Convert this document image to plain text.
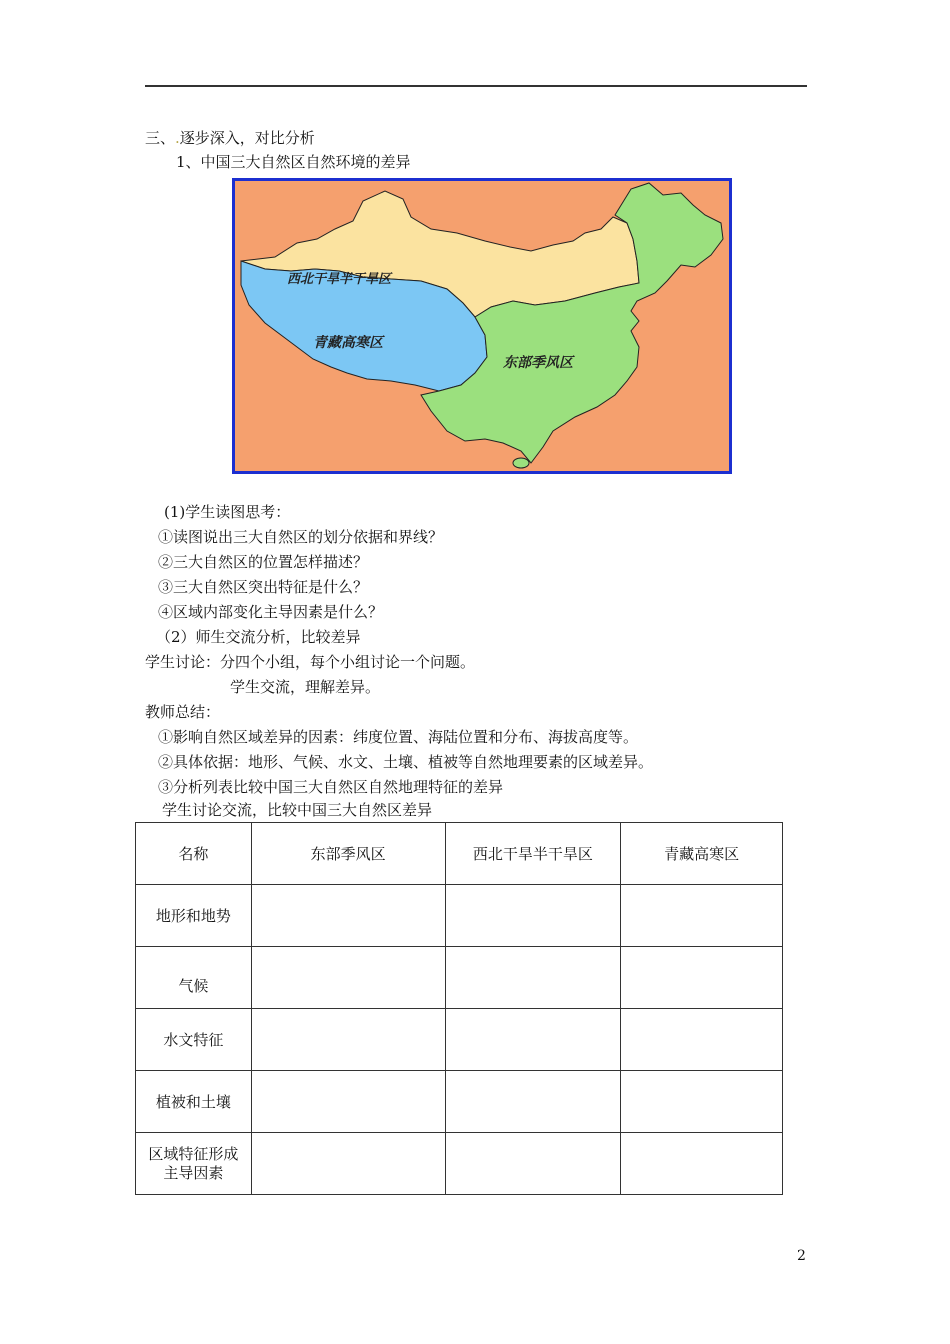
三、.逐步深入，对比分析
1、中国三大自然区自然环境的差异
西北干旱半干旱区
青藏高寒区
东部季风区
(1)学生读图思考：
①读图说出三大自然区的划分依据和界线？
②三大自然区的位置怎样描述？
③三大自然区突出特征是什么？
④区域内部变化主导因素是什么？
（2）师生交流分析，比较差异
学生讨论：分四个小组，每个小组讨论一个问题。
学生交流，理解差异。
教师总结：
①影响自然区域差异的因素：纬度位置、海陆位置和分布、海拔高度等。
②具体依据：地形、气候、水文、土壤、植被等自然地理要素的区域差异。
③分析列表比较中国三大自然区自然地理特征的差异
学生讨论交流，比较中国三大自然区差异
名称	东部季风区	西北干旱半干旱区	青藏高寒区
地形和地势			
气候			
水文特征			
植被和土壤			
区域特征形成主导因素			
2
